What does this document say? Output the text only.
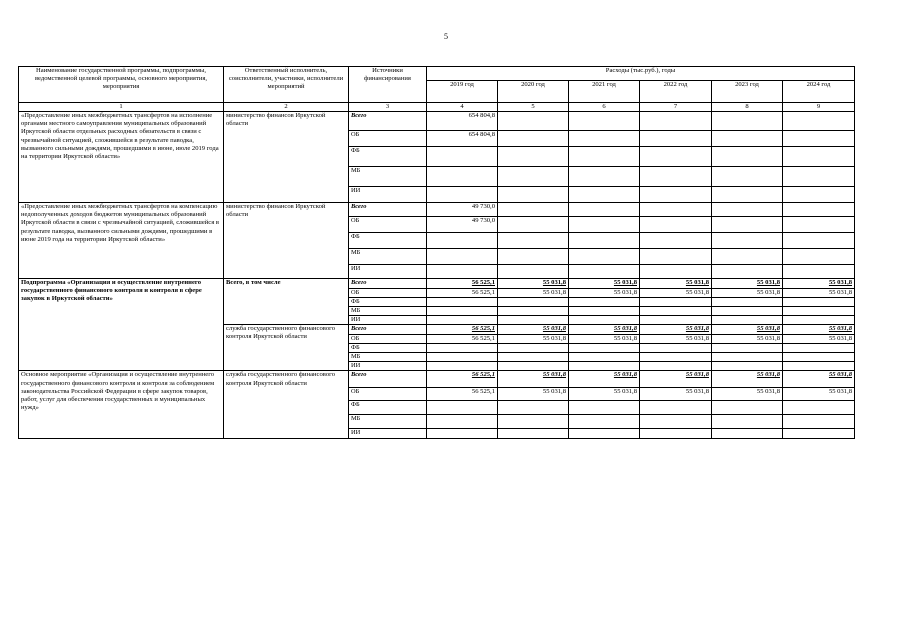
5
Наименование государственной программы, подпрограммы, ведомственной целевой программы, основного мероприятия, мероприятия	Ответственный исполнитель, соисполнители, участники, исполнители мероприятий	Источники финансирования	Расходы (тыс.руб.), годы					
			2019 год	2020 год	2021 год	2022 год	2023 год	2024 год
1	2	3	4	5	6	7	8	9
«Предоставление иных межбюджетных трансфертов на исполнение органами местного самоуправления муниципальных образований Иркутской области отдельных расходных обязательств в связи с чрезвычайной ситуацией, сложившейся в результате паводка, вызванного сильными дождями, прошедшими в июне, июле 2019 года на территории Иркутской области»	министерство финансов Иркутской области	Всего	654 804,8					
		ОБ	654 804,8					
		ФБ						
		МБ						
		ИИ						
«Предоставление иных межбюджетных трансфертов на компенсацию недополученных доходов бюджетов муниципальных образований Иркутской области в связи с чрезвычайной ситуацией, сложившейся в результате паводка, вызванного сильными дождями, прошедшими в июне 2019 года на территории Иркутской области»	министерство финансов Иркутской области	Всего	49 730,0					
		ОБ	49 730,0					
		ФБ						
		МБ						
		ИИ						
Подпрограмма «Организация и осуществление внутреннего государственного финансового контроля и контроля в сфере закупок в Иркутской области»	Всего, в том числе	Всего	56 525,1	55 031,8	55 031,8	55 031,8	55 031,8	55 031,8
		ОБ	56 525,1	55 031,8	55 031,8	55 031,8	55 031,8	55 031,8
		ФБ						
		МБ						
		ИИ						
	служба государственного финансового контроля Иркутской области	Всего	56 525,1	55 031,8	55 031,8	55 031,8	55 031,8	55 031,8
		ОБ	56 525,1	55 031,8	55 031,8	55 031,8	55 031,8	55 031,8
		ФБ						
		МБ						
		ИИ						
Основное мероприятие «Организация и осуществление внутреннего государственного финансового контроля и контроля за соблюдением законодательства Российской Федерации в сфере закупок товаров, работ, услуг для обеспечения государственных и муниципальных нужд»	служба государственного финансового контроля Иркутской области	Всего	56 525,1	55 031,8	55 031,8	55 031,8	55 031,8	55 031,8
		ОБ	56 525,1	55 031,8	55 031,8	55 031,8	55 031,8	55 031,8
		ФБ						
		МБ						
		ИИ						
